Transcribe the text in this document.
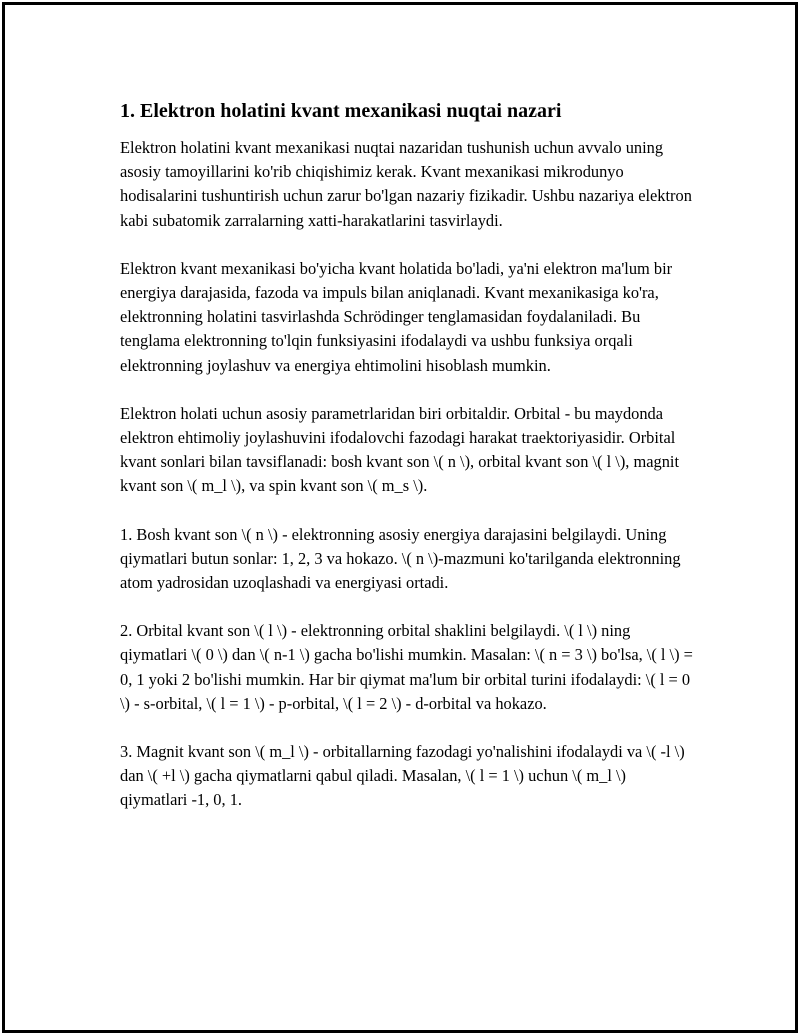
1. Elektron holatini kvant mexanikasi nuqtai nazari

Elektron holatini kvant mexanikasi nuqtai nazaridan tushunish uchun avvalo uning asosiy tamoyillarini ko'rib chiqishimiz kerak. Kvant mexanikasi mikrodunyo hodisalarini tushuntirish uchun zarur bo'lgan nazariy fizikadir. Ushbu nazariya elektron kabi subatomik zarralarning xatti-harakatlarini tasvirlaydi.

Elektron kvant mexanikasi bo'yicha kvant holatida bo'ladi, ya'ni elektron ma'lum bir energiya darajasida, fazoda va impuls bilan aniqlanadi. Kvant mexanikasiga ko'ra, elektronning holatini tasvirlashda Schrödinger tenglamasidan foydalaniladi. Bu tenglama elektronning to'lqin funksiyasini ifodalaydi va ushbu funksiya orqali elektronning joylashuv va energiya ehtimolini hisoblash mumkin.

Elektron holati uchun asosiy parametrlaridan biri orbitaldir. Orbital - bu maydonda elektron ehtimoliy joylashuvini ifodalovchi fazodagi harakat traektoriyasidir. Orbital kvant sonlari bilan tavsiflanadi: bosh kvant son \( n \), orbital kvant son \( l \), magnit kvant son \( m_l \), va spin kvant son \( m_s \).

1. Bosh kvant son \( n \) - elektronning asosiy energiya darajasini belgilaydi. Uning qiymatlari butun sonlar: 1, 2, 3 va hokazo. \( n \)-mazmuni ko'tarilganda elektronning atom yadrosidan uzoqlashadi va energiyasi ortadi.

2. Orbital kvant son \( l \) - elektronning orbital shaklini belgilaydi. \( l \) ning qiymatlari \( 0 \) dan \( n-1 \) gacha bo'lishi mumkin. Masalan: \( n = 3 \) bo'lsa, \( l \) = 0, 1 yoki 2 bo'lishi mumkin. Har bir qiymat ma'lum bir orbital turini ifodalaydi: \( l = 0 \) - s-orbital, \( l = 1 \) - p-orbital, \( l = 2 \) - d-orbital va hokazo.

3. Magnit kvant son \( m_l \) - orbitallarning fazodagi yo'nalishini ifodalaydi va \( -l \) dan \( +l \) gacha qiymatlarni qabul qiladi. Masalan, \( l = 1 \) uchun \( m_l \) qiymatlari -1, 0, 1.
